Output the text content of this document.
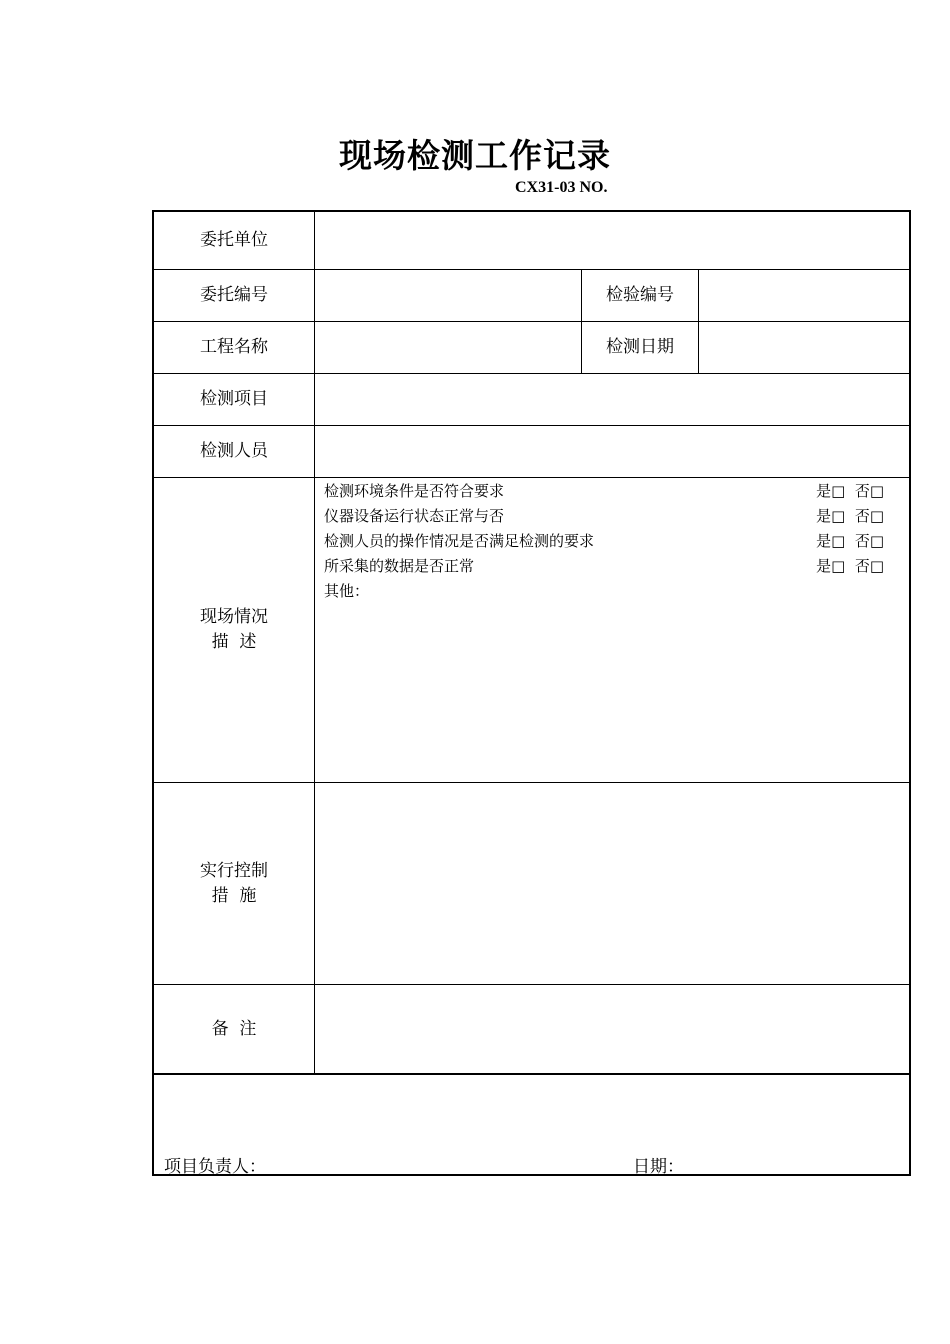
现场检测工作记录
CX31-03 NO.
委托单位
委托编号	检验编号
工程名称	检测日期
检测项目
检测人员
现场情况
描  述
检测环境条件是否符合要求	是□  否□
仪器设备运行状态正常与否	是□  否□
检测人员的操作情况是否满足检测的要求	是□  否□
所采集的数据是否正常	是□  否□
其他：
实行控制
措  施
备  注
项目负责人：	日期：
